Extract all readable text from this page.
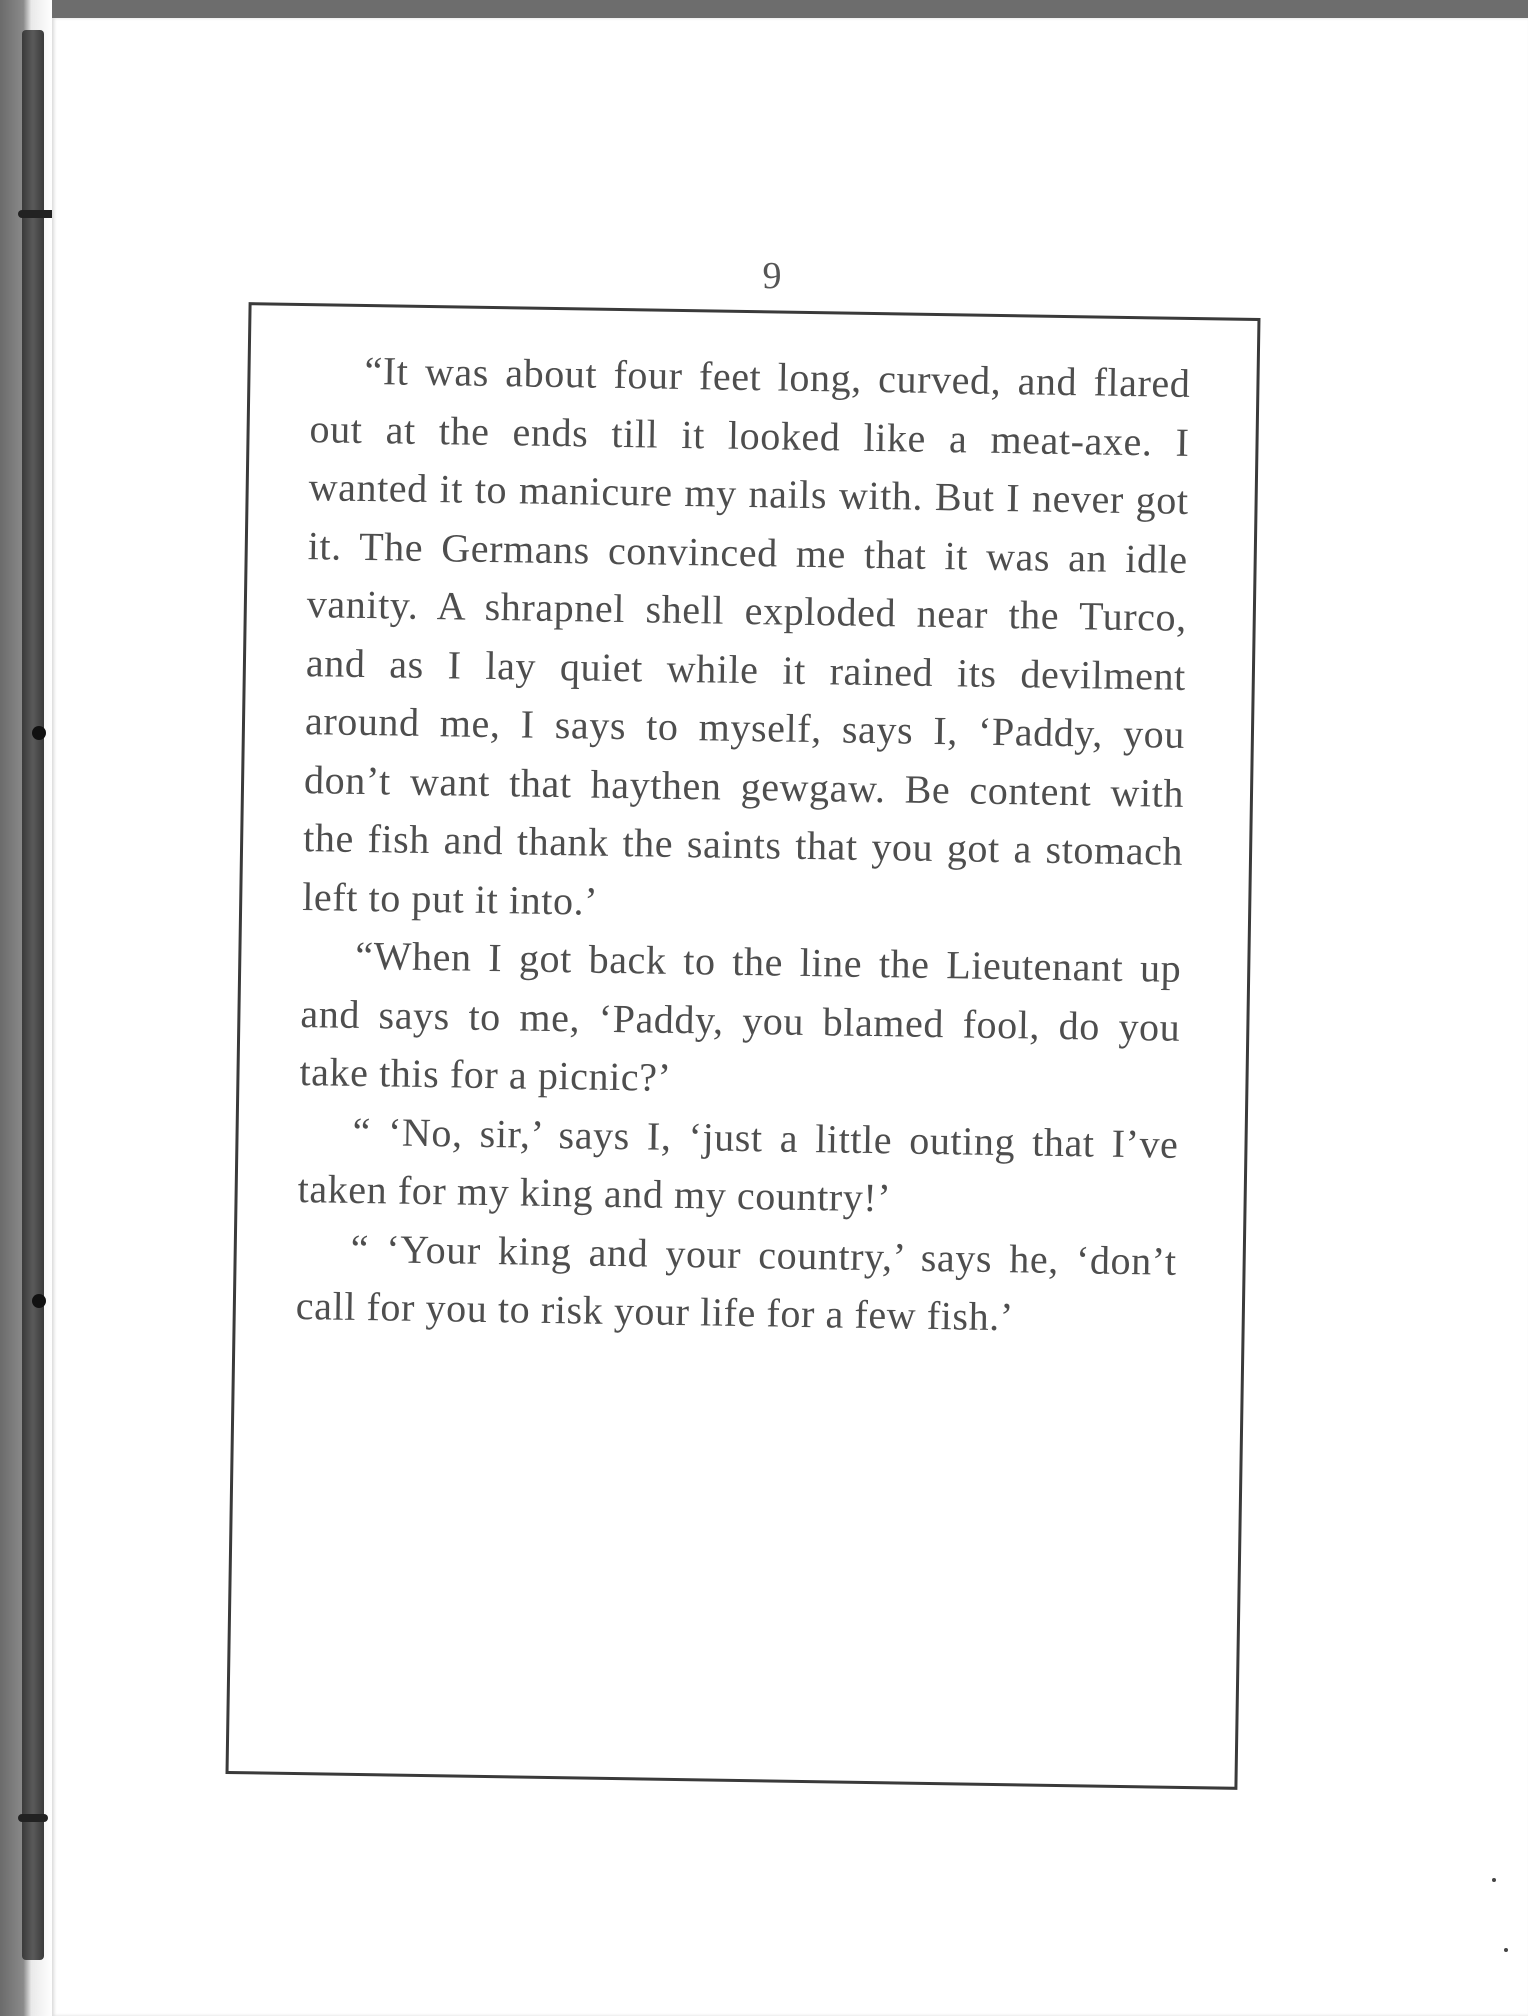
9

“It was about four feet long, curved, and flared out at the ends till it looked like a meat-axe. I wanted it to manicure my nails with. But I never got it. The Germans convinced me that it was an idle vanity. A shrapnel shell exploded near the Turco, and as I lay quiet while it rained its devilment around me, I says to myself, says I, ‘Paddy, you don’t want that haythen gewgaw. Be content with the fish and thank the saints that you got a stomach left to put it into.’

“When I got back to the line the Lieutenant up and says to me, ‘Paddy, you blamed fool, do you take this for a picnic?’

“ ‘No, sir,’ says I, ‘just a little outing that I’ve taken for my king and my country!’

“ ‘Your king and your country,’ says he, ‘don’t call for you to risk your life for a few fish.’
